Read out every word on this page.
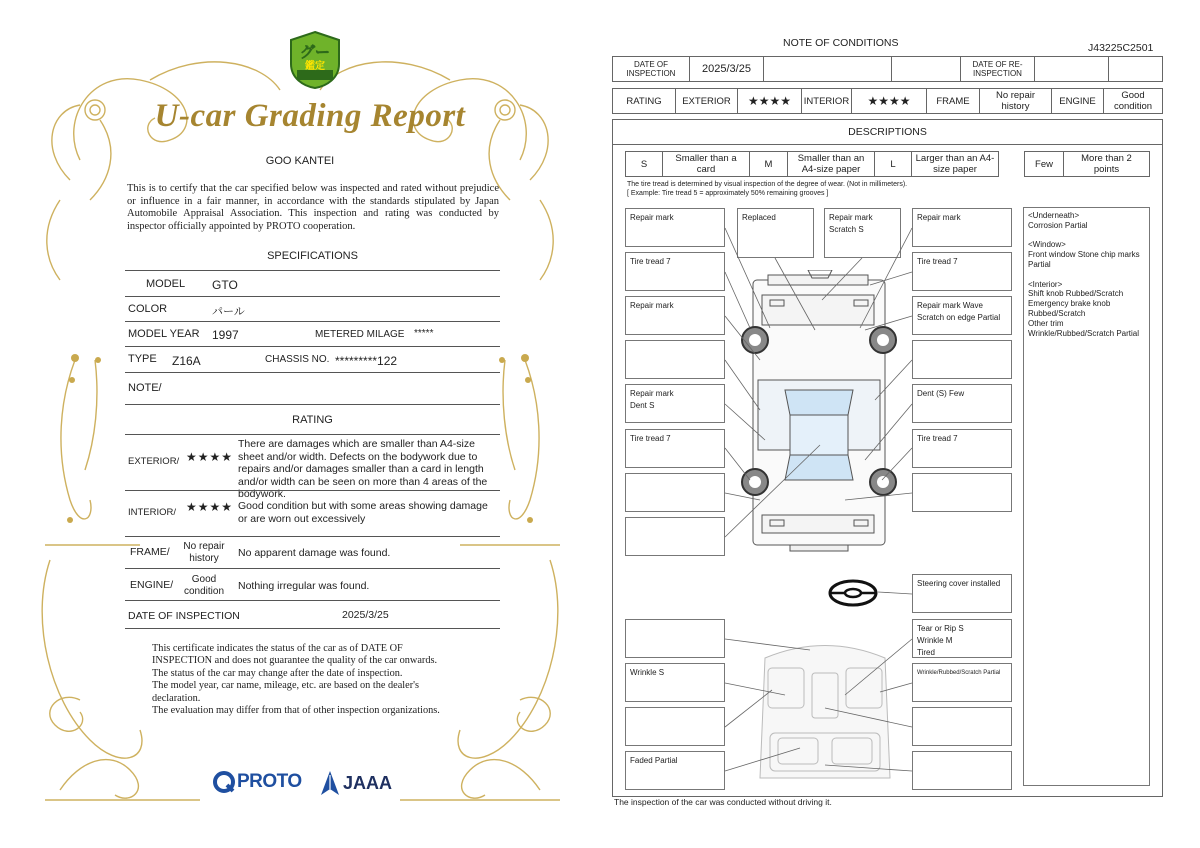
グー
鑑定
U-car Grading Report
GOO KANTEI
This is to certify that the car specified below was inspected and rated without prejudice or influence in a fair manner, in accordance with the standards stipulated by Japan Automobile Appraisal Association. This inspection and rating was conducted by inspector officially appointed by PROTO cooperation.
SPECIFICATIONS
MODEL GTO
COLOR	パール
MODEL YEAR 1997	METERED MILAGE *****
TYPE Z16A	CHASSIS NO. *********122
NOTE/
RATING
EXTERIOR/ ★★★★
There are damages which are smaller than A4-size sheet and/or width. Defects on the bodywork due to repairs and/or damages smaller than a card in length and/or width can be seen on more than 4 areas of the bodywork.
INTERIOR/ ★★★★ Good condition but with some areas showing damage or are worn out excessively
FRAME/	No repair history	No apparent damage was found.
ENGINE/	Good condition	Nothing irregular was found.
DATE OF INSPECTION	2025/3/25
This certificate indicates the status of the car as of DATE OF
INSPECTION and does not guarantee the quality of the car onwards.
The status of the car may change after the date of inspection.
The model year, car name, mileage, etc. are based on the dealer's
declaration.
The evaluation may differ from that of other inspection organizations.
PROTO JAAA
NOTE OF CONDITIONS	J43225C2501
DATE OF INSPECTION	2025/3/25	DATE OF RE-INSPECTION
RATING	EXTERIOR	★★★★	INTERIOR	★★★★	FRAME	No repair history	ENGINE	Good condition
DESCRIPTIONS
S	Smaller than a card	M	Smaller than an A4-size paper	L	Larger than an A4-size paper	Few	More than 2 points
The tire tread is determined by visual inspection of the degree of wear. (Not in millimeters).
[ Example: Tire tread 5 = approximately 50% remaining grooves ]
<Underneath>
Corrosion Partial

<Window>
Front window Stone chip marks Partial

<Interior>
Shift knob Rubbed/Scratch
Emergency brake knob Rubbed/Scratch
Other trim
Wrinkle/Rubbed/Scratch Partial
Repair mark
Tire tread 7
Repair mark
Repair mark
Dent S
Tire tread 7
Replaced	Repair mark
Scratch S
Repair mark
Tire tread 7
Repair mark Wave
Scratch on edge Partial
Dent (S) Few
Tire tread 7
Wrinkle S
Faded Partial
Steering cover installed
Tear or Rip S
Wrinkle M
Tired
Wrinkle/Rubbed/Scratch Partial
The inspection of the car was conducted without driving it.
